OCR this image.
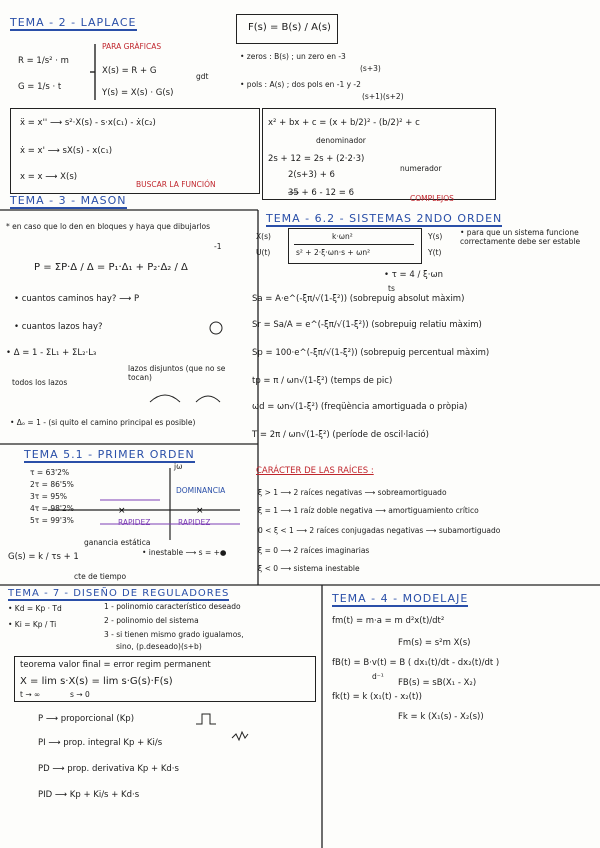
×	×
TEMA - 2 - LAPLACE
PARA GRÀFICAS
R = 1/s² · m
G = 1/s · t
X(s) = R + G
Y(s) = X(s) · G(s)
gdt
F(s) = B(s) / A(s)
• zeros : B(s) ; un zero en -3
(s+3)
• pols : A(s) ; dos pols en -1 y -2
(s+1)(s+2)
ẍ = x'' ⟶ s²·X(s) - s·x(c₁) - ẋ(c₂)
ẋ = x' ⟶ sX(s) - x(c₁)
x = x ⟶ X(s)
BUSCAR LA FUNCIÓN
x² + bx + c = (x + b/2)² - (b/2)² + c
denominador
2s + 12 = 2s + (2·2·3)
numerador
2(s+3) + 6
3̶5̶ + 6 - 12 = 6
COMPLEJOS
TEMA - 3 - MASON
* en caso que lo den en bloques y haya que dibujarlos
-1
P = ΣP·Δ / Δ = P₁·Δ₁ + P₂·Δ₂ / Δ
• cuantos caminos hay? ⟶ P
• cuantos lazos hay?
• Δ = 1 - ΣL₁ + ΣL₂·L₃
lazos disjuntos (que no se tocan)
todos los lazos
• Δₒ = 1 - (si quito el camino principal es posible)
TEMA - 6.2 - SISTEMAS 2NDO ORDEN
X(s)
U(t)
k·ωn²
s² + 2·ξ·ωn·s + ωn²
Y(s)
Y(t)
• para que un sistema funcione correctamente debe ser estable
• τ = 4 / ξ·ωn
ts
Sa = A·e^(-ξπ/√(1-ξ²)) (sobrepuig absolut màxim)
Sr = Sa/A = e^(-ξπ/√(1-ξ²)) (sobrepuig relatiu màxim)
Sp = 100·e^(-ξπ/√(1-ξ²)) (sobrepuig percentual màxim)
tp = π / ωn√(1-ξ²) (temps de pic)
ωd = ωn√(1-ξ²) (freqüència amortiguada o pròpia)
T = 2π / ωn√(1-ξ²) (període de oscil·lació)
CARÁCTER DE LAS RAÍCES :
ξ > 1 ⟶ 2 raíces negativas ⟶ sobreamortiguado
ξ = 1 ⟶ 1 raíz doble negativa ⟶ amortiguamiento crítico
0 < ξ < 1 ⟶ 2 raíces conjugadas negativas ⟶ subamortiguado
ξ = 0 ⟶ 2 raíces imaginarias
ξ < 0 ⟶ sistema inestable
TEMA 5.1 - PRIMER ORDEN
τ = 63'2%
2τ = 86'5%
3τ = 95%
4τ = 98'2%
5τ = 99'3%
jω
DOMINANCIA
RAPIDEZ	RAPIDEZ
G(s) = k / τs + 1
ganancia estática
cte de tiempo
• inestable ⟶ s = +●
TEMA - 7 - DISEÑO DE REGULADORES
• Kd = Kp · Td
• Ki = Kp / Ti
1 - polinomio característico deseado
2 - polinomio del sistema
3 - si tienen mismo grado igualamos,
sino, (p.deseado)(s+b)
teorema valor final = error regim permanent
X = lim s·X(s) = lim s·G(s)·F(s)
t → ∞	s → 0
P ⟶ proporcional (Kp)
PI ⟶ prop. integral Kp + Ki/s
PD ⟶ prop. derivativa Kp + Kd·s
PID ⟶ Kp + Ki/s + Kd·s
TEMA - 4 - MODELAJE
fm(t) = m·a = m d²x(t)/dt²
Fm(s) = s²m X(s)
fB(t) = B·v(t) = B ( dx₁(t)/dt - dx₂(t)/dt )
d⁻¹
FB(s) = sB(X₁ - X₂)
fk(t) = k (x₁(t) - x₂(t))
Fk = k (X₁(s) - X₂(s))
